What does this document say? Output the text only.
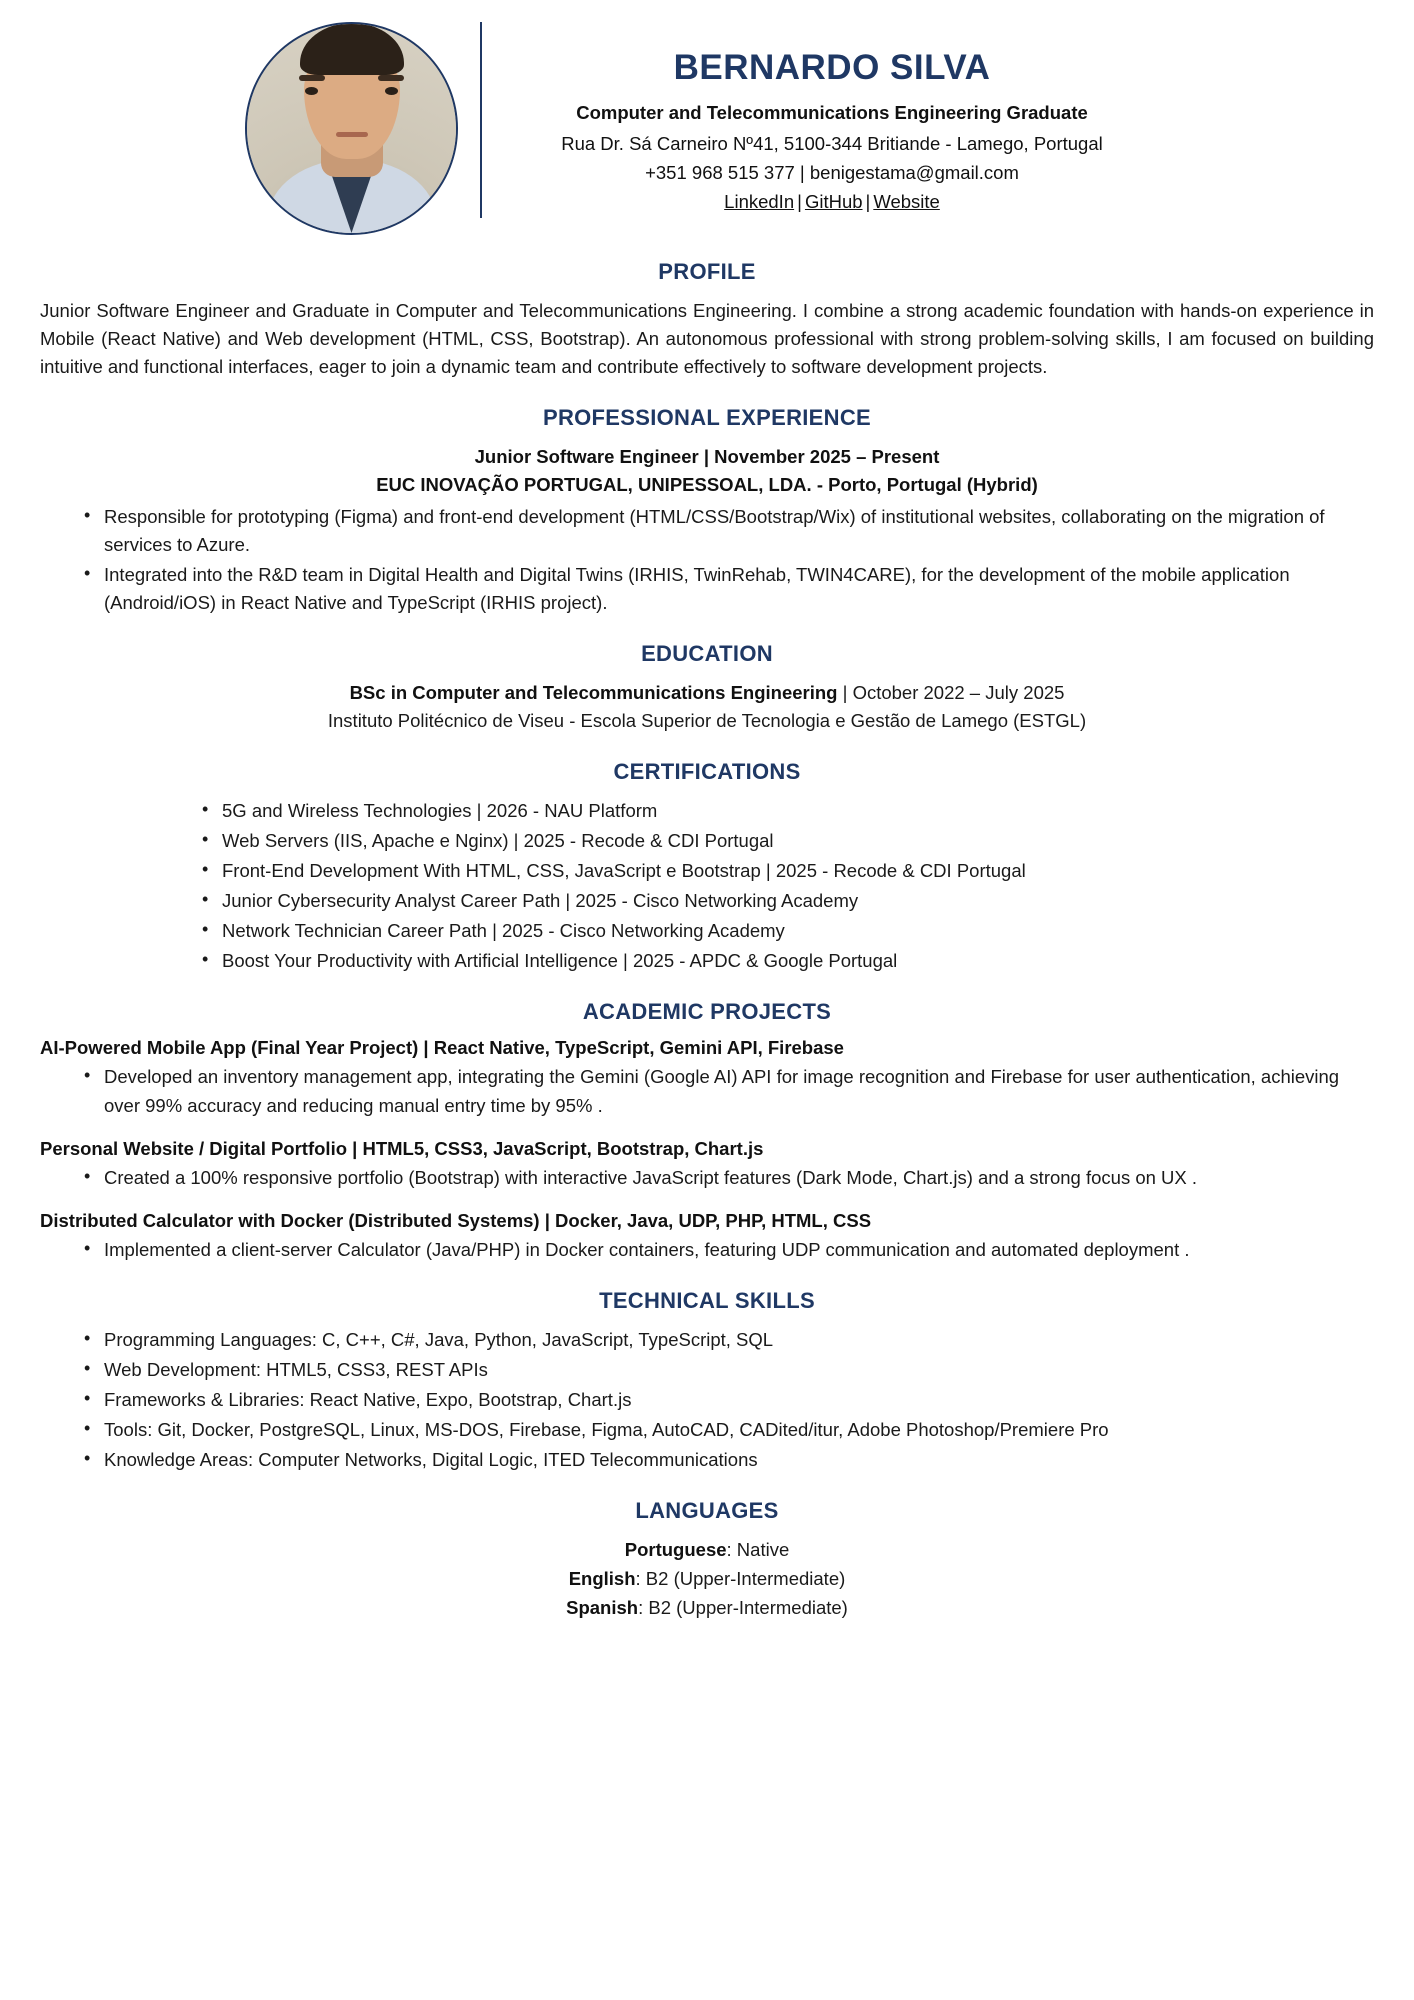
BERNARDO SILVA
Computer and Telecommunications Engineering Graduate
Rua Dr. Sá Carneiro Nº41, 5100-344 Britiande - Lamego, Portugal
+351 968 515 377 | benigestama@gmail.com
LinkedIn | GitHub | Website
PROFILE
Junior Software Engineer and Graduate in Computer and Telecommunications Engineering. I combine a strong academic foundation with hands-on experience in Mobile (React Native) and Web development (HTML, CSS, Bootstrap). An autonomous professional with strong problem-solving skills, I am focused on building intuitive and functional interfaces, eager to join a dynamic team and contribute effectively to software development projects.
PROFESSIONAL EXPERIENCE
Junior Software Engineer | November 2025 – Present
EUC INOVAÇÃO PORTUGAL, UNIPESSOAL, LDA. - Porto, Portugal (Hybrid)
• Responsible for prototyping (Figma) and front-end development (HTML/CSS/Bootstrap/Wix) of institutional websites, collaborating on the migration of services to Azure.
• Integrated into the R&D team in Digital Health and Digital Twins (IRHIS, TwinRehab, TWIN4CARE), for the development of the mobile application (Android/iOS) in React Native and TypeScript (IRHIS project).
EDUCATION
BSc in Computer and Telecommunications Engineering | October 2022 – July 2025
Instituto Politécnico de Viseu - Escola Superior de Tecnologia e Gestão de Lamego (ESTGL)
CERTIFICATIONS
• 5G and Wireless Technologies | 2026 - NAU Platform
• Web Servers (IIS, Apache e Nginx) | 2025 - Recode & CDI Portugal
• Front-End Development With HTML, CSS, JavaScript e Bootstrap | 2025 - Recode & CDI Portugal
• Junior Cybersecurity Analyst Career Path | 2025 - Cisco Networking Academy
• Network Technician Career Path | 2025 - Cisco Networking Academy
• Boost Your Productivity with Artificial Intelligence | 2025 - APDC & Google Portugal
ACADEMIC PROJECTS
AI-Powered Mobile App (Final Year Project) | React Native, TypeScript, Gemini API, Firebase
• Developed an inventory management app, integrating the Gemini (Google AI) API for image recognition and Firebase for user authentication, achieving over 99% accuracy and reducing manual entry time by 95% .
Personal Website / Digital Portfolio | HTML5, CSS3, JavaScript, Bootstrap, Chart.js
• Created a 100% responsive portfolio (Bootstrap) with interactive JavaScript features (Dark Mode, Chart.js) and a strong focus on UX .
Distributed Calculator with Docker (Distributed Systems) | Docker, Java, UDP, PHP, HTML, CSS
• Implemented a client-server Calculator (Java/PHP) in Docker containers, featuring UDP communication and automated deployment .
TECHNICAL SKILLS
• Programming Languages: C, C++, C#, Java, Python, JavaScript, TypeScript, SQL
• Web Development: HTML5, CSS3, REST APIs
• Frameworks & Libraries: React Native, Expo, Bootstrap, Chart.js
• Tools: Git, Docker, PostgreSQL, Linux, MS-DOS, Firebase, Figma, AutoCAD, CADited/itur, Adobe Photoshop/Premiere Pro
• Knowledge Areas: Computer Networks, Digital Logic, ITED Telecommunications
LANGUAGES
Portuguese: Native
English: B2 (Upper-Intermediate)
Spanish: B2 (Upper-Intermediate)
